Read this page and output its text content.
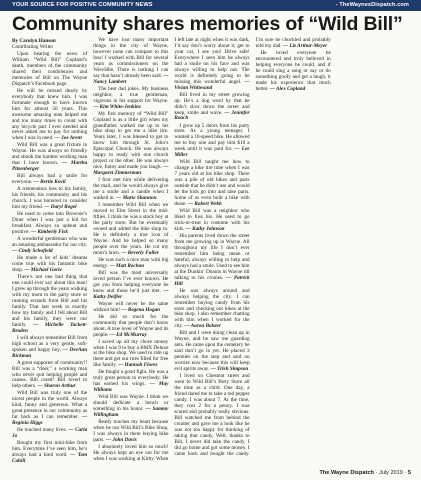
YOUR SOURCE FOR POSITIVE COMMUNITY NEWS	- TheWaynesDispatch.com
Community shares memories of “Wild Bill”

By Carolyn Hanson
Contributing Writer

Upon hearing the news of William “Wild Bill” Copland’s death, members of the community shared their condolences and memories of Bill on The Wayne Dispatch’s Facebook page.

He will be missed dearly by everybody that knew him. I was fortunate enough to have known him for almost 50 years. This awesome amazing man helped me and too many times to count with any bicycle part I ever needed and never asked me to pay for nothing when I was in need. — Joe Arent

Wild Bill was a great fixture in Wayne. He was always so friendly and shook the hardest working man that I have known. — Martha Pitzenberger

Bill always had a smile for everyone. — Bertie Kovil

A tremendous loss to his family, his friends, his community and his church. I was honored to consider him my friend. — Daryl Rogel

He used to come into Brownie’s Diner when I was just a kid for breakfast. Always so upbeat and positive. — Kimberly Fisk

A wonderful gentleman who was an amazing ambassador for our city. — Cindy Schofield

He made a lot of kids’ dreams come true with his fantastic bike shop. — Michael Gorie

There’s not one bad thing that one could ever say about this man! I grew up through the years walking with my mom to the party store or running errands front Bill and his family. That last week to exactly how my family and I felt about Bill and his family, they were our family. — Michelle Tackett-Braden

I will always remember Bill from high school as a very gentle, soft-spoken and happy boy. — DeeAnn Rickman

A great supporter of community!! Bill was a “doer,” a working man who never quit helping people and causes. Bill cared! Bill loved to help others. — Sharon Arthur

Wild Bill was truly one of the nicest people in the world. Always kind, funny and generous. What a great presence in our community as far back as I can remember. — Reginia Higgs

He touched many lives. — Carla Jo

Bought my first mini-bike from him. Everytime I’ve seen him, he’s always had a kind word. — Tom Cahill

We have lost many important things in the city of Wayne, however none can compare to this loss! I worked with Bill for several years as commissioners on the WievHite. There is nothing I can say that hasn’t already been said. — Nancy Lambert

The best dad jokes. My business neighbor, a true gentleman, vigorous in his support for Wayne. — Kim White-Jenkins

My first memory of “Wild Bill” Copland is as a little girl when my grandfather walked me up to his bike shop to get me a bike tire. Years later, I was blessed to get to know him through St. John’s Episcopal Church. He was always happy to ready with one church project or the other. He was always nice, funny and made you laugh. — Margaret Zimmerman

I first met him while delivering the mail, and he would always give me a smile and a candle when I walked in. — Marie Shannon

I remember Wild Bill when we moved to Elm Street in the mid-fifties. I think he was a stock boy at the party store. But he eventually owned and added the bike shop to. He is definitely a true icon of Wayne. And he helped so many people over the years. He cut my mom’s lawn. — Beverly Fuller

He was such a nice man with big energy. — Matt Rochon

Bill was the most universally loved person I’ve ever known. He got you from helping everyone he knew and those he’d just met. — Kathy Deifler

Wayne will never be the same without him! — Regena Hogan

He did so much for the community that people don’t know about. A true lover of Wayne and its people. — Ed McMurray

I saved up all my chore money when I was 9 to buy a BMX Deluxe at the bike shop. We used to ride up there and get our tires filled for free like family. — Hannah Flores

He fought a good fight. He was a truly great person to everybody. He has earned his wings. — May Williams

Wild Bill was Wayne. I think we should dedicate a bench or something in his honor. — Sammy Willingham

Really touches my heart because when he ran Wild Bill’s Bike Shop, I was always in there buying bike parts. — John Davis

I absolutely loved him so much! He always kept an eye out for me when I was working at Kirby. When I left late at night when it was dark, I’d say don’t worry about it, get to your car, I see you! Drive safe! Everywhere I seen him he always had a smile on his face and was always willing to help out. The world is definitely going to be missing this wonderful angel. — Vivian Whitesand

Bill lived in my street growing up. He’s a dog word by that he didn’t slow down the street and keep, smile and wave. — Jennifer Roach

I grew up 5 doors from his party store. As a young teenager, I wanted a 10-speed bike. He allowed me to buy one and pay him $10 a week until it was paid for. — Lee Miller

Wild Bill taught me how to change a bike tire tube when I was 7 years old at his bike shop. There was a pile of old bikes and parts outside that he didn’t use and would let the kids go into and take parts. Some of us even built a bike with those. — Robert Webb

Wild Bill was a neighbor who liked to fuss his. He used to go trick-or-treat in costume with his kids. — Kathy Johnson

His parents lived down the street from me growing up in Wayne. All throughout my life I don’t ever remember him being mean or hateful, always willing to help and always had a smile. Used to see him at the Dunkin’ Donuts in Wayne till talking to his cronies. — Patrick Hill

He was always around and always helping the city. I can remember buying candy from his store and checking out bikes at the bike shop. I also remember chatting with him when I worked for the city. — Aaron Bolster

Bill and I were doing clean up in Wayne, and he saw me guarding ants. He came upon the cemetery he said don’t go in yet. He placed 3 pennies on the step and said no worries now because this will keep evil spirits away. — Trish Simpson

I lived on Chestnut street and went to Wild Bill’s Party Store all the time as a child. One day, a friend dared me to take a red pepper candy. I was about 7. At the time, they cost 2 for a penny. I was scared and probably really obvious. Bill watched me from behind the counter and gave me a look like he was not too happy for thinking of taking that candy. Well, thanks to Bill, I never did take the candy. I did go home and got some money. I came back and bought the candy. I’m sure he chuckled and probably told my dad. — Liz Arthur-Meyer

He loved everyone he encountered and truly believed in helping everyone he could, and if he could sing a song or say or do something goofy and get a laugh, it made his experience that much better. — Alex Copland

The Wayne Dispatch · July 2019 · 5
